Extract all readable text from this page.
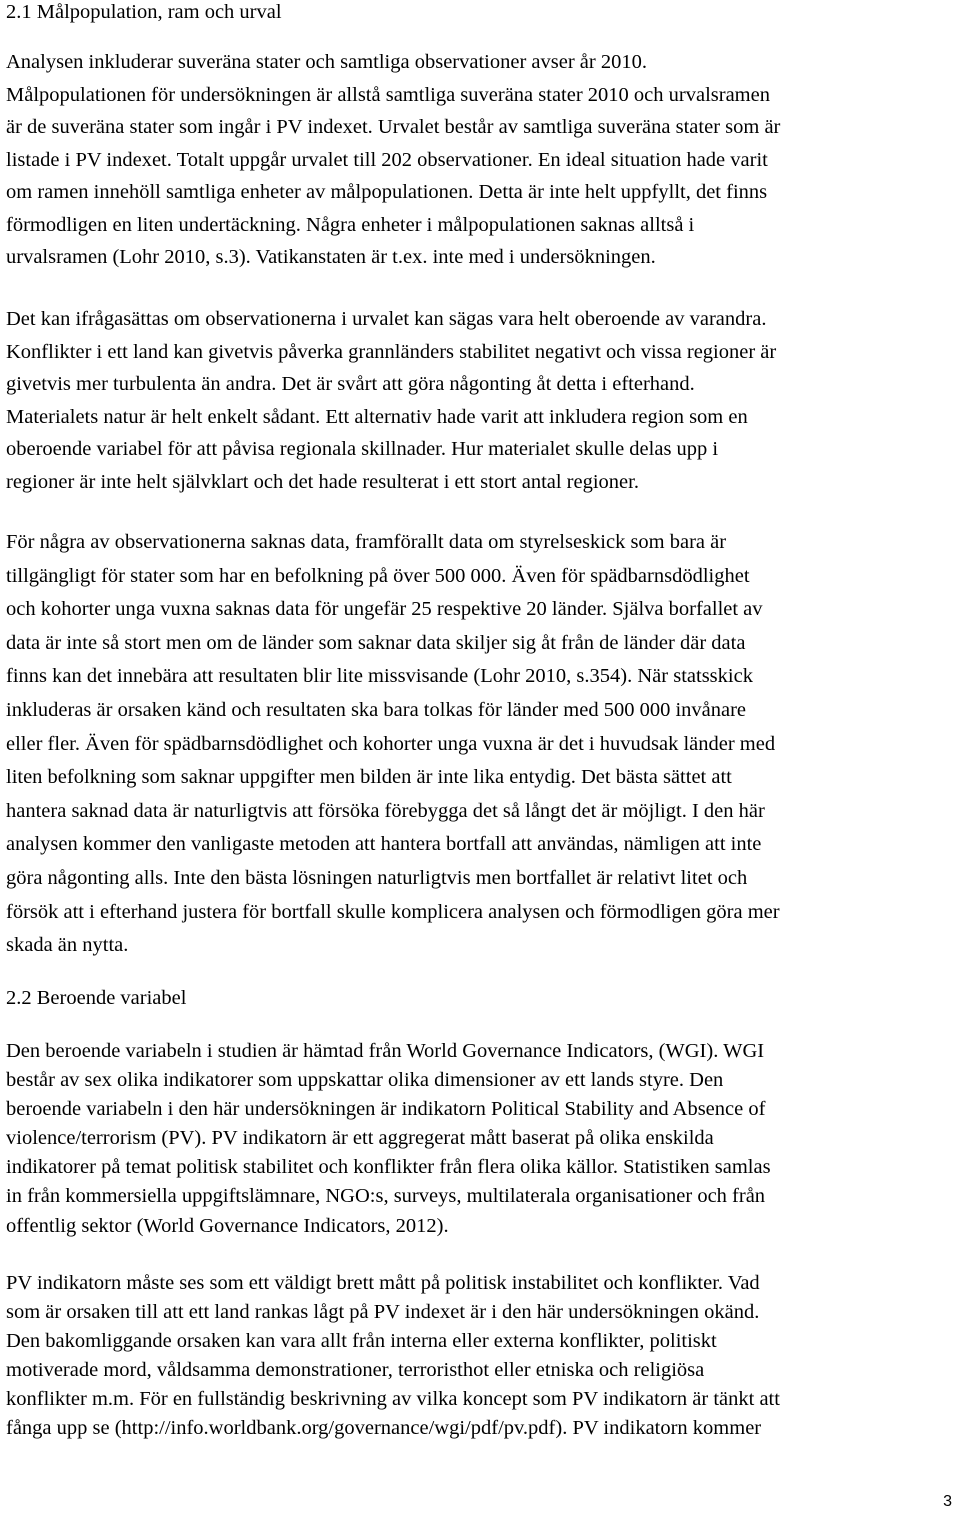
2.1 Målpopulation, ram och urval
Analysen inkluderar suveräna stater och samtliga observationer avser år 2010.
Målpopulationen för undersökningen är allstå samtliga suveräna stater 2010 och urvalsramen
är de suveräna stater som ingår i PV indexet. Urvalet består av samtliga suveräna stater som är
listade i PV indexet. Totalt uppgår urvalet till 202 observationer. En ideal situation hade varit
om ramen innehöll samtliga enheter av målpopulationen. Detta är inte helt uppfyllt, det finns
förmodligen en liten undertäckning. Några enheter i målpopulationen saknas alltså i
urvalsramen (Lohr 2010, s.3). Vatikanstaten är t.ex. inte med i undersökningen.
Det kan ifrågasättas om observationerna i urvalet kan sägas vara helt oberoende av varandra.
Konflikter i ett land kan givetvis påverka grannländers stabilitet negativt och vissa regioner är
givetvis mer turbulenta än andra. Det är svårt att göra någonting åt detta i efterhand.
Materialets natur är helt enkelt sådant. Ett alternativ hade varit att inkludera region som en
oberoende variabel för att påvisa regionala skillnader. Hur materialet skulle delas upp i
regioner är inte helt självklart och det hade resulterat i ett stort antal regioner.
För några av observationerna saknas data, framförallt data om styrelseskick som bara är
tillgängligt för stater som har en befolkning på över 500 000. Även för spädbarnsdödlighet
och kohorter unga vuxna saknas data för ungefär 25 respektive 20 länder. Själva borfallet av
data är inte så stort men om de länder som saknar data skiljer sig åt från de länder där data
finns kan det innebära att resultaten blir lite missvisande (Lohr 2010, s.354). När statsskick
inkluderas är orsaken känd och resultaten ska bara tolkas för länder med 500 000 invånare
eller fler. Även för spädbarnsdödlighet och kohorter unga vuxna är det i huvudsak länder med
liten befolkning som saknar uppgifter men bilden är inte lika entydig. Det bästa sättet att
hantera saknad data är naturligtvis att försöka förebygga det så långt det är möjligt. I den här
analysen kommer den vanligaste metoden att hantera bortfall att användas, nämligen att inte
göra någonting alls. Inte den bästa lösningen naturligtvis men bortfallet är relativt litet och
försök att i efterhand justera för bortfall skulle komplicera analysen och förmodligen göra mer
skada än nytta.
2.2 Beroende variabel
Den beroende variabeln i studien är hämtad från World Governance Indicators, (WGI). WGI
består av sex olika indikatorer som uppskattar olika dimensioner av ett lands styre. Den
beroende variabeln i den här undersökningen är indikatorn Political Stability and Absence of
violence/terrorism (PV). PV indikatorn är ett aggregerat mått baserat på olika enskilda
indikatorer på temat politisk stabilitet och konflikter från flera olika källor. Statistiken samlas
in från kommersiella uppgiftslämnare, NGO:s, surveys, multilaterala organisationer och från
offentlig sektor (World Governance Indicators, 2012).
PV indikatorn måste ses som ett väldigt brett mått på politisk instabilitet och konflikter. Vad
som är orsaken till att ett land rankas lågt på PV indexet är i den här undersökningen okänd.
Den bakomliggande orsaken kan vara allt från interna eller externa konflikter, politiskt
motiverade mord, våldsamma demonstrationer, terroristhot eller etniska och religiösa
konflikter m.m. För en fullständig beskrivning av vilka koncept som PV indikatorn är tänkt att
fånga upp se (http://info.worldbank.org/governance/wgi/pdf/pv.pdf). PV indikatorn kommer
3
